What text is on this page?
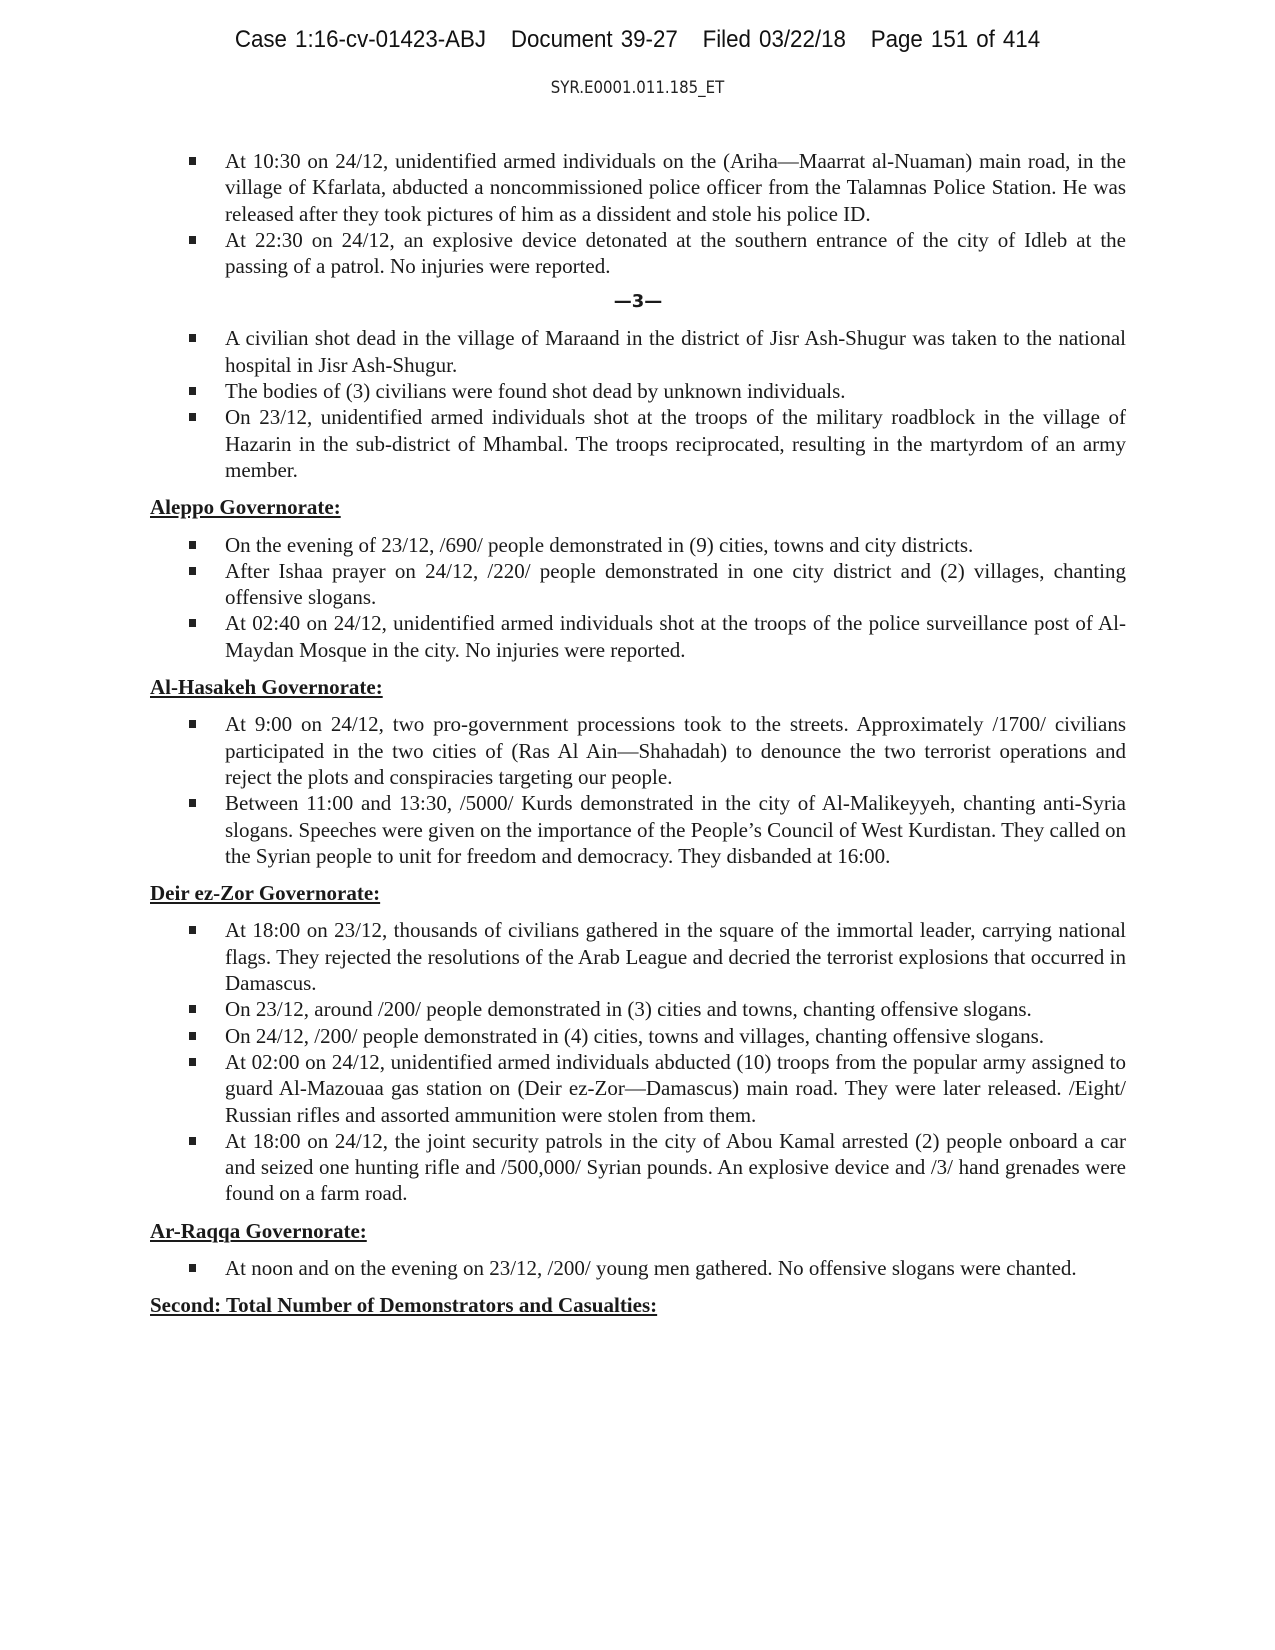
Case 1:16-cv-01423-ABJ Document 39-27 Filed 03/22/18 Page 151 of 414
SYR.E0001.011.185_ET
At 10:30 on 24/12, unidentified armed individuals on the (Ariha—Maarrat al-Nuaman) main road, in the village of Kfarlata, abducted a noncommissioned police officer from the Talamnas Police Station. He was released after they took pictures of him as a dissident and stole his police ID.
At 22:30 on 24/12, an explosive device detonated at the southern entrance of the city of Idleb at the passing of a patrol. No injuries were reported.
—3—
A civilian shot dead in the village of Maraand in the district of Jisr Ash-Shugur was taken to the national hospital in Jisr Ash-Shugur.
The bodies of (3) civilians were found shot dead by unknown individuals.
On 23/12, unidentified armed individuals shot at the troops of the military roadblock in the village of Hazarin in the sub-district of Mhambal. The troops reciprocated, resulting in the martyrdom of an army member.
Aleppo Governorate:
On the evening of 23/12, /690/ people demonstrated in (9) cities, towns and city districts.
After Ishaa prayer on 24/12, /220/ people demonstrated in one city district and (2) villages, chanting offensive slogans.
At 02:40 on 24/12, unidentified armed individuals shot at the troops of the police surveillance post of Al-Maydan Mosque in the city. No injuries were reported.
Al-Hasakeh Governorate:
At 9:00 on 24/12, two pro-government processions took to the streets. Approximately /1700/ civilians participated in the two cities of (Ras Al Ain—Shahadah) to denounce the two terrorist operations and reject the plots and conspiracies targeting our people.
Between 11:00 and 13:30, /5000/ Kurds demonstrated in the city of Al-Malikeyyeh, chanting anti-Syria slogans. Speeches were given on the importance of the People’s Council of West Kurdistan. They called on the Syrian people to unit for freedom and democracy. They disbanded at 16:00.
Deir ez-Zor Governorate:
At 18:00 on 23/12, thousands of civilians gathered in the square of the immortal leader, carrying national flags. They rejected the resolutions of the Arab League and decried the terrorist explosions that occurred in Damascus.
On 23/12, around /200/ people demonstrated in (3) cities and towns, chanting offensive slogans.
On 24/12, /200/ people demonstrated in (4) cities, towns and villages, chanting offensive slogans.
At 02:00 on 24/12, unidentified armed individuals abducted (10) troops from the popular army assigned to guard Al-Mazouaa gas station on (Deir ez-Zor—Damascus) main road. They were later released. /Eight/ Russian rifles and assorted ammunition were stolen from them.
At 18:00 on 24/12, the joint security patrols in the city of Abou Kamal arrested (2) people onboard a car and seized one hunting rifle and /500,000/ Syrian pounds. An explosive device and /3/ hand grenades were found on a farm road.
Ar-Raqqa Governorate:
At noon and on the evening on 23/12, /200/ young men gathered. No offensive slogans were chanted.
Second: Total Number of Demonstrators and Casualties:
